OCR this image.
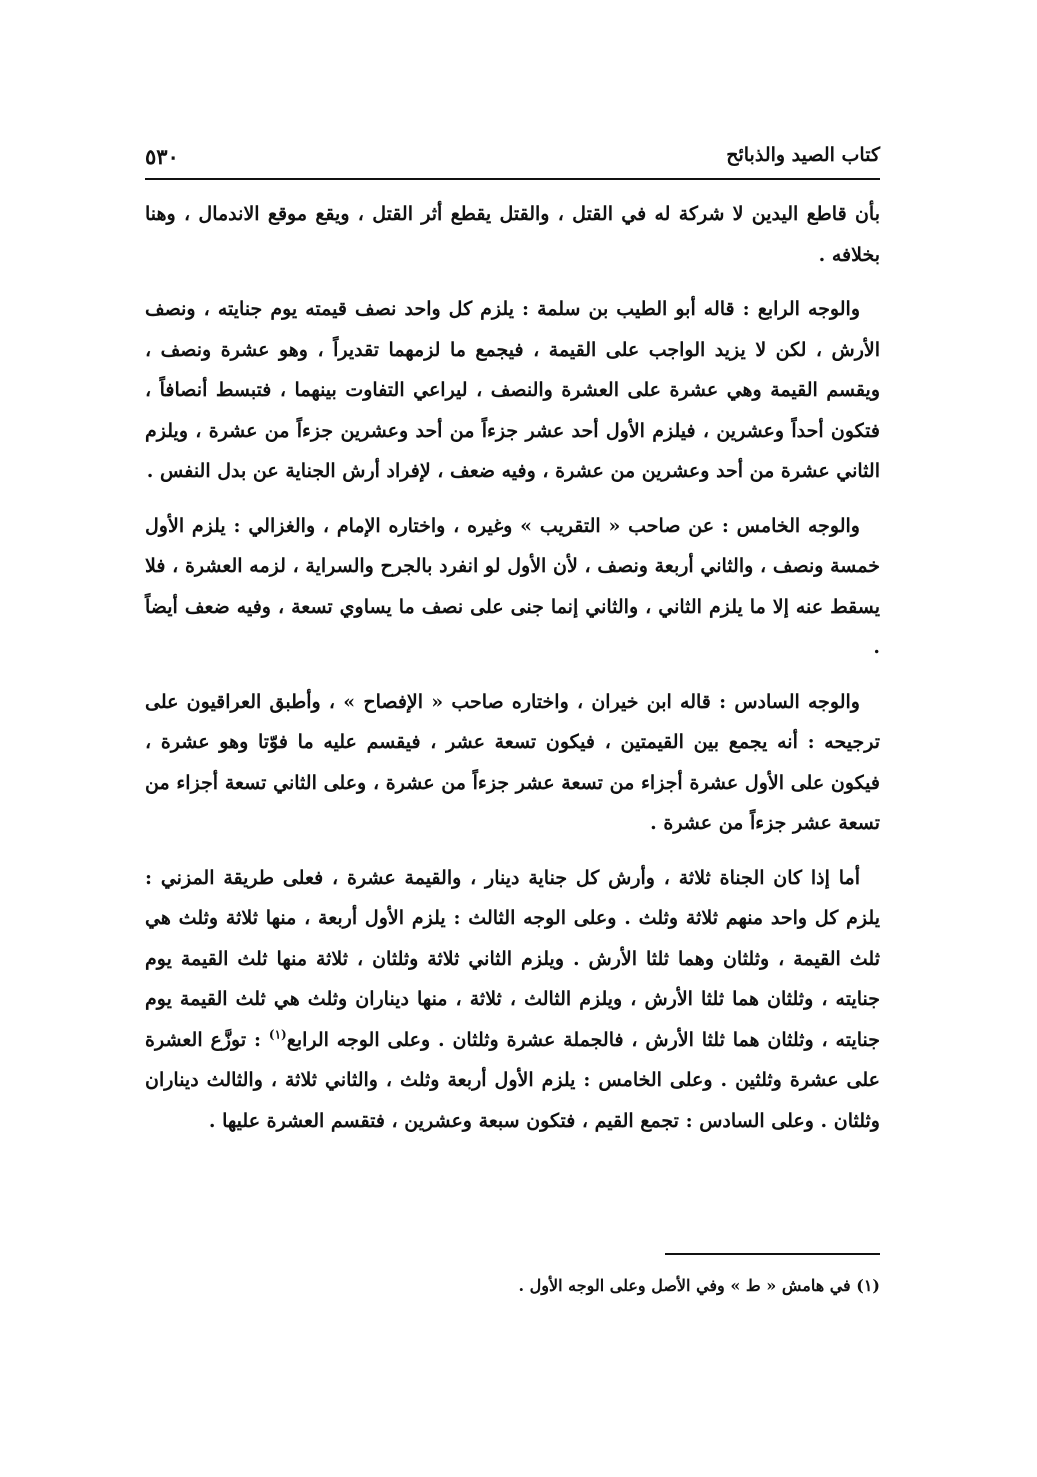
كتاب الصيد والذبائح
٥٣٠

بأن قاطع اليدين لا شركة له في القتل ، والقتل يقطع أثر القتل ، ويقع موقع الاندمال ، وهنا بخلافه .

والوجه الرابع : قاله أبو الطيب بن سلمة : يلزم كل واحد نصف قيمته يوم جنايته ، ونصف الأرش ، لكن لا يزيد الواجب على القيمة ، فيجمع ما لزمهما تقديراً ، وهو عشرة ونصف ، ويقسم القيمة وهي عشرة على العشرة والنصف ، ليراعي التفاوت بينهما ، فتبسط أنصافاً ، فتكون أحداً وعشرين ، فيلزم الأول أحد عشر جزءاً من أحد وعشرين جزءاً من عشرة ، ويلزم الثاني عشرة من أحد وعشرين من عشرة ، وفيه ضعف ، لإفراد أرش الجناية عن بدل النفس .

والوجه الخامس : عن صاحب « التقريب » وغيره ، واختاره الإمام ، والغزالي : يلزم الأول خمسة ونصف ، والثاني أربعة ونصف ، لأن الأول لو انفرد بالجرح والسراية ، لزمه العشرة ، فلا يسقط عنه إلا ما يلزم الثاني ، والثاني إنما جنى على نصف ما يساوي تسعة ، وفيه ضعف أيضاً .

والوجه السادس : قاله ابن خيران ، واختاره صاحب « الإفصاح » ، وأطبق العراقيون على ترجيحه : أنه يجمع بين القيمتين ، فيكون تسعة عشر ، فيقسم عليه ما فوّتا وهو عشرة ، فيكون على الأول عشرة أجزاء من تسعة عشر جزءاً من عشرة ، وعلى الثاني تسعة أجزاء من تسعة عشر جزءاً من عشرة .

أما إذا كان الجناة ثلاثة ، وأرش كل جناية دينار ، والقيمة عشرة ، فعلى طريقة المزني : يلزم كل واحد منهم ثلاثة وثلث . وعلى الوجه الثالث : يلزم الأول أربعة ، منها ثلاثة وثلث هي ثلث القيمة ، وثلثان وهما ثلثا الأرش . ويلزم الثاني ثلاثة وثلثان ، ثلاثة منها ثلث القيمة يوم جنايته ، وثلثان هما ثلثا الأرش ، ويلزم الثالث ، ثلاثة ، منها ديناران وثلث هي ثلث القيمة يوم جنايته ، وثلثان هما ثلثا الأرش ، فالجملة عشرة وثلثان . وعلى الوجه الرابع$^{(١)}$ : توزَّع العشرة على عشرة وثلثين . وعلى الخامس : يلزم الأول أربعة وثلث ، والثاني ثلاثة ، والثالث ديناران وثلثان . وعلى السادس : تجمع القيم ، فتكون سبعة وعشرين ، فتقسم العشرة عليها .

(١) في هامش « ط » وفي الأصل وعلى الوجه الأول .
